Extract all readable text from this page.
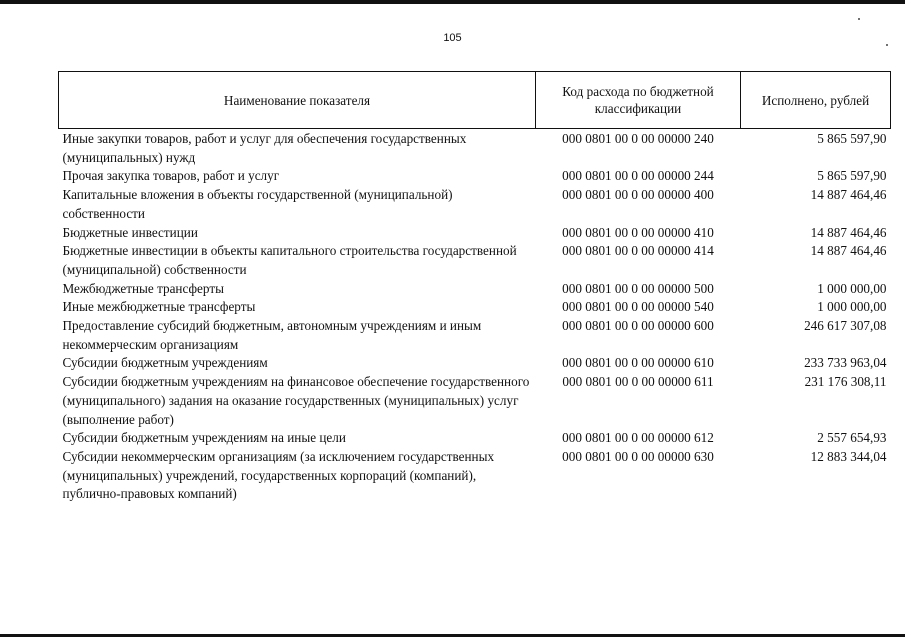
105
Наименование показателя	Код расхода по бюджетной классификации	Исполнено, рублей
Иные закупки товаров, работ и услуг для обеспечения государственных (муниципальных) нужд	000 0801 00 0 00 00000 240	5 865 597,90
Прочая закупка товаров, работ и услуг	000 0801 00 0 00 00000 244	5 865 597,90
Капитальные вложения в объекты государственной (муниципальной) собственности	000 0801 00 0 00 00000 400	14 887 464,46
Бюджетные инвестиции	000 0801 00 0 00 00000 410	14 887 464,46
Бюджетные инвестиции в объекты капитального строительства государственной (муниципальной) собственности	000 0801 00 0 00 00000 414	14 887 464,46
Межбюджетные трансферты	000 0801 00 0 00 00000 500	1 000 000,00
Иные межбюджетные трансферты	000 0801 00 0 00 00000 540	1 000 000,00
Предоставление субсидий бюджетным, автономным учреждениям и иным некоммерческим организациям	000 0801 00 0 00 00000 600	246 617 307,08
Субсидии бюджетным учреждениям	000 0801 00 0 00 00000 610	233 733 963,04
Субсидии бюджетным учреждениям на финансовое обеспечение государственного (муниципального) задания на оказание государственных (муниципальных) услуг (выполнение работ)	000 0801 00 0 00 00000 611	231 176 308,11
Субсидии бюджетным учреждениям на иные цели	000 0801 00 0 00 00000 612	2 557 654,93
Субсидии некоммерческим организациям (за исключением государственных (муниципальных) учреждений, государственных корпораций (компаний), публично-правовых компаний)	000 0801 00 0 00 00000 630	12 883 344,04
